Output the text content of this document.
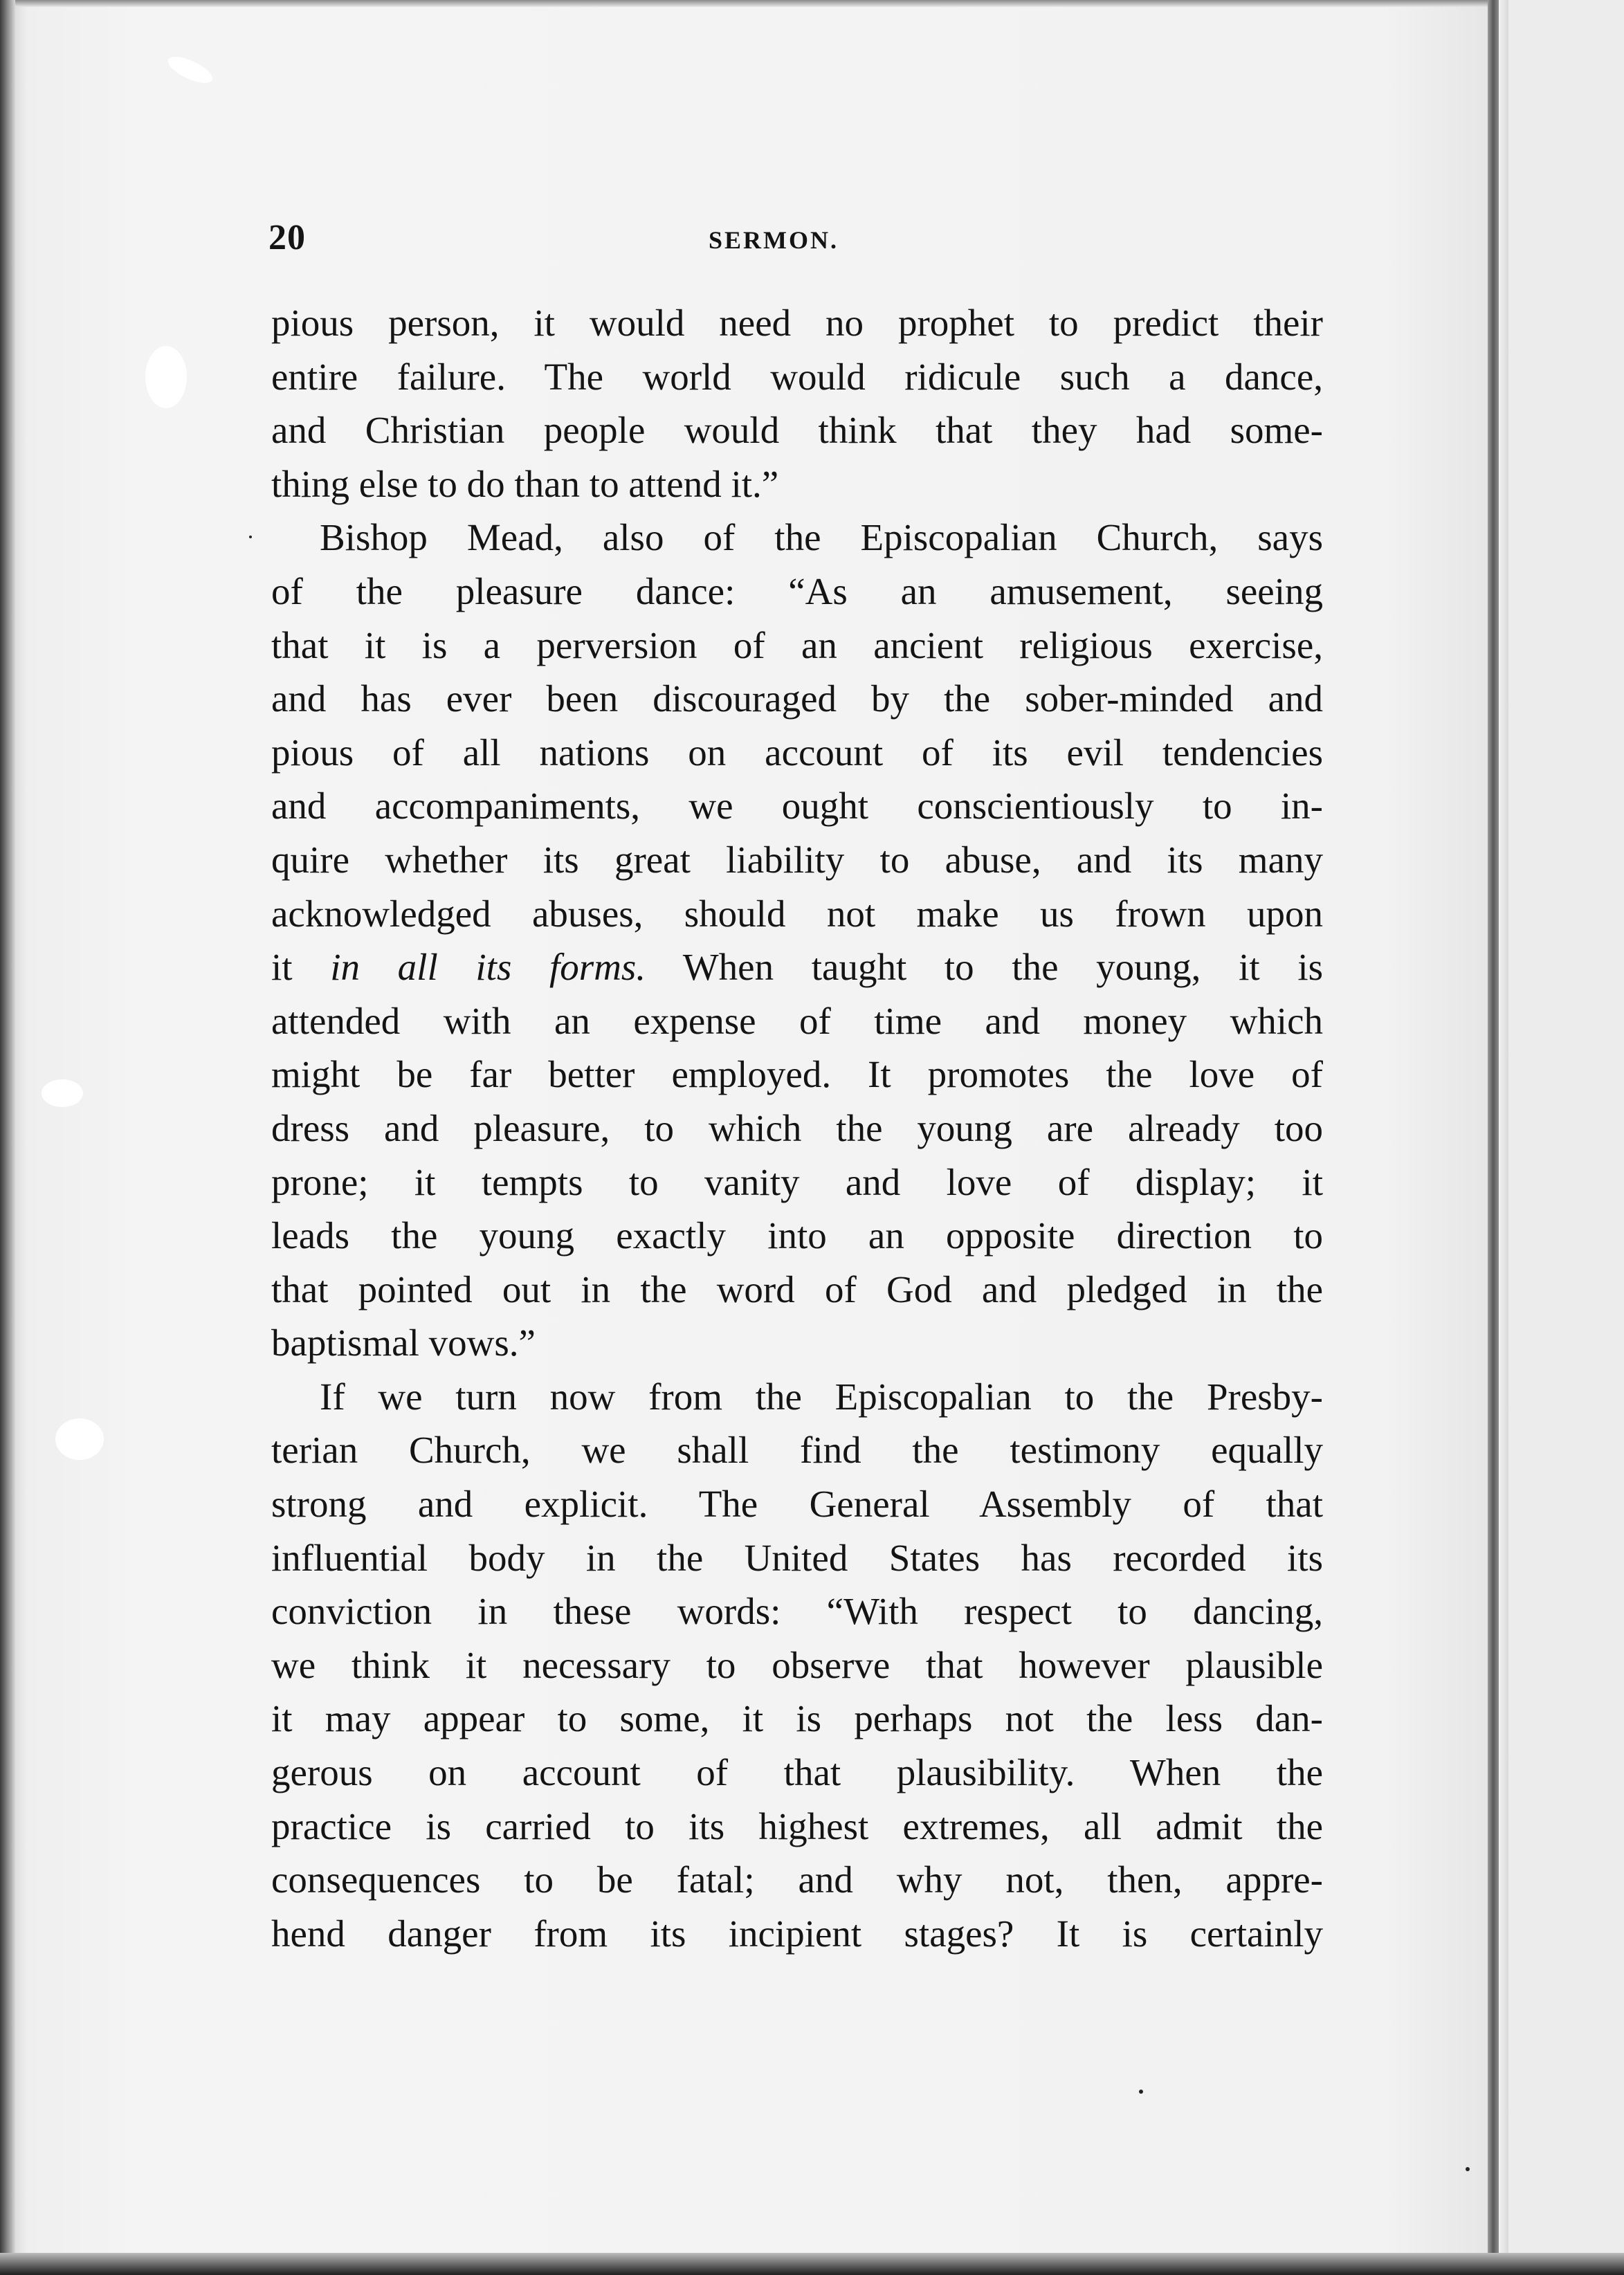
20	SERMON.
pious person, it would need no prophet to predict their
entire failure. The world would ridicule such a dance,
and Christian people would think that they had some-
thing else to do than to attend it.”
Bishop Mead, also of the Episcopalian Church, says
of the pleasure dance: “As an amusement, seeing
that it is a perversion of an ancient religious exercise,
and has ever been discouraged by the sober-minded and
pious of all nations on account of its evil tendencies
and accompaniments, we ought conscientiously to in-
quire whether its great liability to abuse, and its many
acknowledged abuses, should not make us frown upon
it in all its forms. When taught to the young, it is
attended with an expense of time and money which
might be far better employed. It promotes the love of
dress and pleasure, to which the young are already too
prone; it tempts to vanity and love of display; it
leads the young exactly into an opposite direction to
that pointed out in the word of God and pledged in the
baptismal vows.”
If we turn now from the Episcopalian to the Presby-
terian Church, we shall find the testimony equally
strong and explicit. The General Assembly of that
influential body in the United States has recorded its
conviction in these words: “With respect to dancing,
we think it necessary to observe that however plausible
it may appear to some, it is perhaps not the less dan-
gerous on account of that plausibility. When the
practice is carried to its highest extremes, all admit the
consequences to be fatal; and why not, then, appre-
hend danger from its incipient stages? It is certainly
